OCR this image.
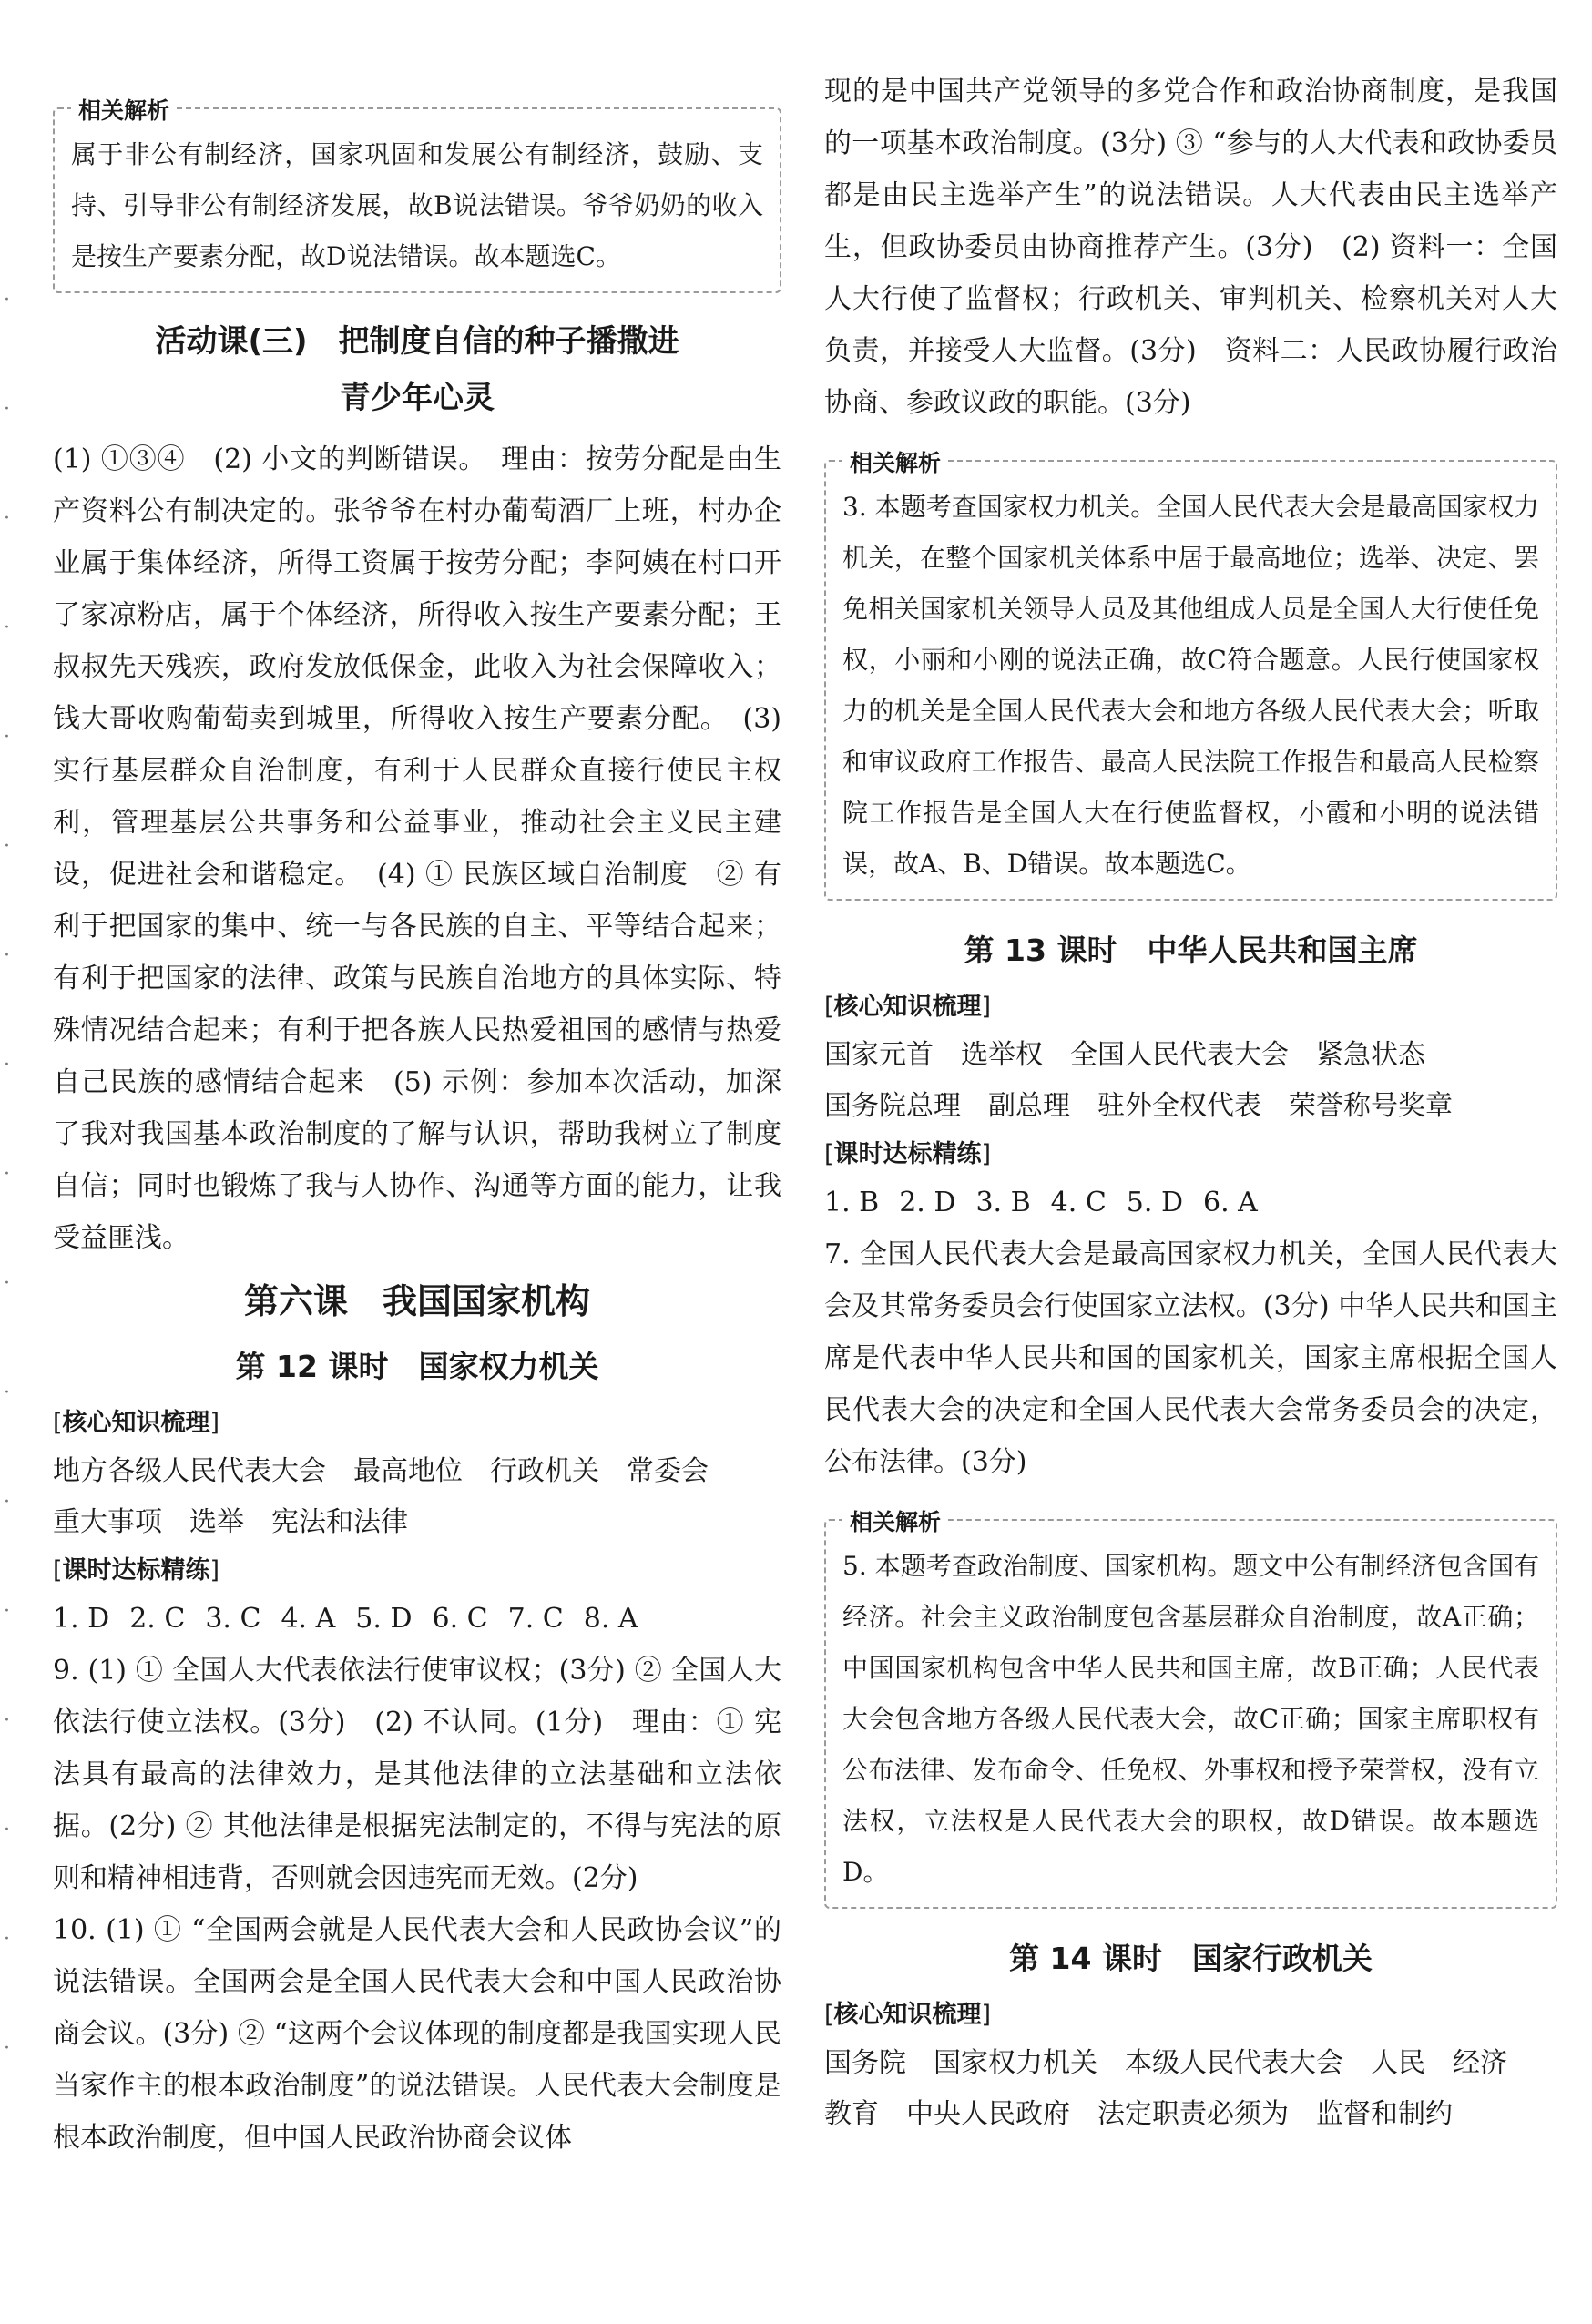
·
·
·
·
·
·
·
·
·
·
·
·
·
·
·
·
·
相关解析

属于非公有制经济，国家巩固和发展公有制经济，鼓励、支持、引导非公有制经济发展，故B说法错误。爷爷奶奶的收入是按生产要素分配，故D说法错误。故本题选C。

活动课(三)　把制度自信的种子播撒进
青少年心灵

(1) ①③④　(2) 小文的判断错误。　理由：按劳分配是由生产资料公有制决定的。张爷爷在村办葡萄酒厂上班，村办企业属于集体经济，所得工资属于按劳分配；李阿姨在村口开了家凉粉店，属于个体经济，所得收入按生产要素分配；王叔叔先天残疾，政府发放低保金，此收入为社会保障收入；钱大哥收购葡萄卖到城里，所得收入按生产要素分配。　(3) 实行基层群众自治制度，有利于人民群众直接行使民主权利，管理基层公共事务和公益事业，推动社会主义民主建设，促进社会和谐稳定。　(4) ① 民族区域自治制度　② 有利于把国家的集中、统一与各民族的自主、平等结合起来；有利于把国家的法律、政策与民族自治地方的具体实际、特殊情况结合起来；有利于把各族人民热爱祖国的感情与热爱自己民族的感情结合起来　(5) 示例：参加本次活动，加深了我对我国基本政治制度的了解与认识，帮助我树立了制度自信；同时也锻炼了我与人协作、沟通等方面的能力，让我受益匪浅。

第六课　我国国家机构
第 12 课时　国家权力机关
[ 核心知识梳理 ]

地方各级人民代表大会 最高地位 行政机关 常委会
重大事项 选举 宪法和法律

[ 课时达标精练 ]

1. D 2. C 3. C 4. A 5. D 6. C 7. C 8. A

9. (1) ① 全国人大代表依法行使审议权；(3分) ② 全国人大依法行使立法权。(3分)　(2) 不认同。(1分)　理由：① 宪法具有最高的法律效力，是其他法律的立法基础和立法依据。(2分) ② 其他法律是根据宪法制定的，不得与宪法的原则和精神相违背，否则就会因违宪而无效。(2分)

10. (1) ① “全国两会就是人民代表大会和人民政协会议”的说法错误。全国两会是全国人民代表大会和中国人民政治协商会议。(3分) ② “这两个会议体现的制度都是我国实现人民当家作主的根本政治制度”的说法错误。人民代表大会制度是根本政治制度，但中国人民政治协商会议体

现的是中国共产党领导的多党合作和政治协商制度，是我国的一项基本政治制度。(3分) ③ “参与的人大代表和政协委员都是由民主选举产生”的说法错误。人大代表由民主选举产生，但政协委员由协商推荐产生。(3分)　(2) 资料一：全国人大行使了监督权；行政机关、审判机关、检察机关对人大负责，并接受人大监督。(3分)　资料二：人民政协履行政治协商、参政议政的职能。(3分)

相关解析

3. 本题考查国家权力机关。全国人民代表大会是最高国家权力机关，在整个国家机关体系中居于最高地位；选举、决定、罢免相关国家机关领导人员及其他组成人员是全国人大行使任免权，小丽和小刚的说法正确，故C符合题意。人民行使国家权力的机关是全国人民代表大会和地方各级人民代表大会；听取和审议政府工作报告、最高人民法院工作报告和最高人民检察院工作报告是全国人大在行使监督权，小霞和小明的说法错误，故A、B、D错误。故本题选C。

第 13 课时　中华人民共和国主席
[ 核心知识梳理 ]

国家元首 选举权 全国人民代表大会 紧急状态国务院总理 副总理 驻外全权代表 荣誉称号奖章

[ 课时达标精练 ]

1. B 2. D 3. B 4. C 5. D 6. A

7. 全国人民代表大会是最高国家权力机关，全国人民代表大会及其常务委员会行使国家立法权。(3分) 中华人民共和国主席是代表中华人民共和国的国家机关，国家主席根据全国人民代表大会的决定和全国人民代表大会常务委员会的决定，公布法律。(3分)

相关解析

5. 本题考查政治制度、国家机构。题文中公有制经济包含国有经济。社会主义政治制度包含基层群众自治制度，故A正确；中国国家机构包含中华人民共和国主席，故B正确；人民代表大会包含地方各级人民代表大会，故C正确；国家主席职权有公布法律、发布命令、任免权、外事权和授予荣誉权，没有立法权，立法权是人民代表大会的职权，故D错误。故本题选D。

第 14 课时　国家行政机关
[ 核心知识梳理 ]

国务院 国家权力机关 本级人民代表大会 人民 经济教育 中央人民政府 法定职责必须为 监督和制约
